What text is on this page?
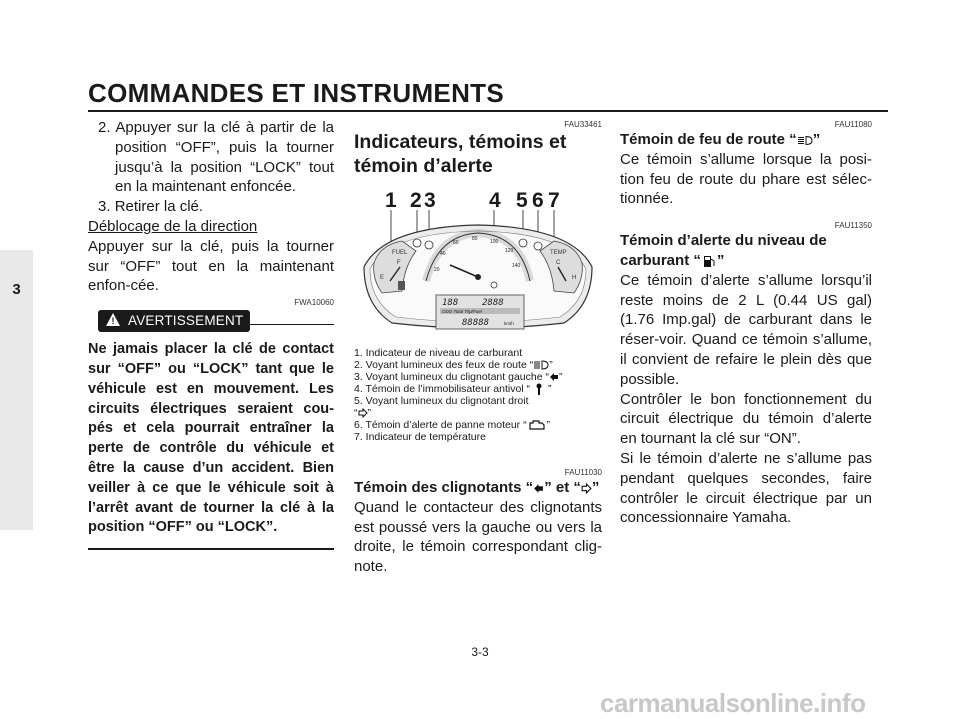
COMMANDES ET INSTRUMENTS
3
2. Appuyer sur la clé à partir de la position “OFF”, puis la tourner jusqu’à la position “LOCK” tout en la maintenant enfoncée.
3. Retirer la clé.

Déblocage de la direction

Appuyer sur la clé, puis la tourner sur “OFF” tout en la maintenant enfon-cée.

FWA10060
! AVERTISSEMENT
Ne jamais placer la clé de contact sur “OFF” ou “LOCK” tant que le véhicule est en mouvement. Les circuits électriques seraient cou-pés et cela pourrait entraîner la perte de contrôle du véhicule et être la cause d’un accident. Bien veiller à ce que le véhicule soit à l’arrêt avant de tourner la clé à la position “OFF” ou “LOCK”.
FAU33461
Indicateurs, témoins et témoin d’alerte
1 2 3	4 5 6 7
FUEL
E
F
20
40
60
80 100
120
140
TEMP
C
H
188	2888
ODO Total Trip/Fuel
88888	km/h
1. Indicateur de niveau de carburant
2. Voyant lumineux des feux de route “ ”
3. Voyant lumineux du clignotant gauche “ ”
4. Témoin de l’immobilisateur antivol “ ”
5. Voyant lumineux du clignotant droit
“ ”
6. Témoin d’alerte de panne moteur “ ”
7. Indicateur de température
FAU11030
Témoin des clignotants “ ” et “ ”

Quand le contacteur des clignotants est poussé vers la gauche ou vers la droite, le témoin correspondant clig-note.

FAU11080
Témoin de feu de route “ ”

Ce témoin s’allume lorsque la posi-tion feu de route du phare est sélec-tionnée.

FAU11350
Témoin d’alerte du niveau de
carburant “ ”

Ce témoin d’alerte s’allume lorsqu’il reste moins de 2 L (0.44 US gal) (1.76 Imp.gal) de carburant dans le réser-voir. Quand ce témoin s’allume, il convient de refaire le plein dès que possible.

Contrôler le bon fonctionnement du circuit électrique du témoin d’alerte en tournant la clé sur “ON”.

Si le témoin d’alerte ne s’allume pas pendant quelques secondes, faire contrôler le circuit électrique par un concessionnaire Yamaha.

3-3
carmanualsonline.info
